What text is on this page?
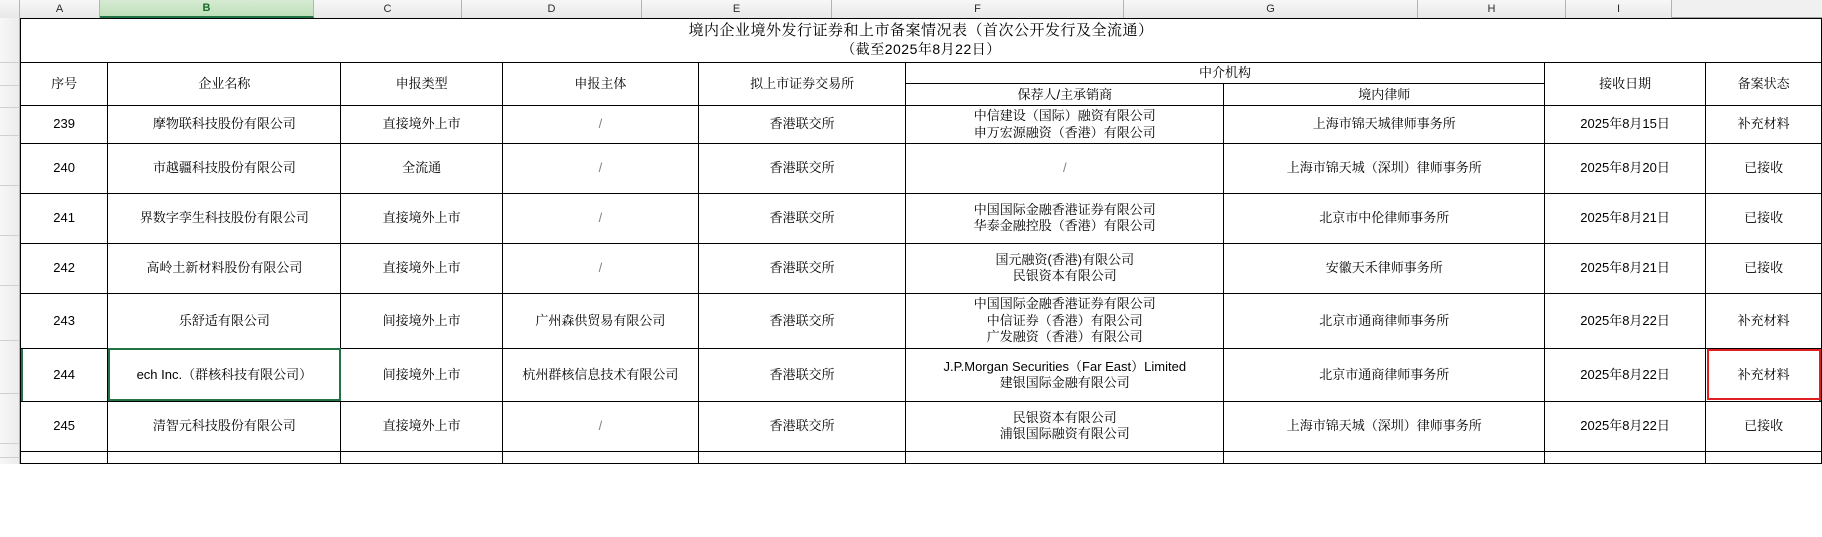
A	B	C	D	E	F	G	H	I
境内企业境外发行证券和上市备案情况表（首次公开发行及全流通）
（截至2025年8月22日）								

序号	企业名称	申报类型	申报主体	拟上市证券交易所	中介机构		接收日期	备案状态
					保荐人/主承销商	境内律师		
239	摩物联科技股份有限公司	直接境外上市	/	香港联交所	中信建设（国际）融资有限公司
申万宏源融资（香港）有限公司	上海市锦天城律师事务所	2025年8月15日	补充材料
240	市越疆科技股份有限公司	全流通	/	香港联交所	/	上海市锦天城（深圳）律师事务所	2025年8月20日	已接收
241	界数字孪生科技股份有限公司	直接境外上市	/	香港联交所	中国国际金融香港证券有限公司
华泰金融控股（香港）有限公司	北京市中伦律师事务所	2025年8月21日	已接收
242	高岭土新材料股份有限公司	直接境外上市	/	香港联交所	国元融资(香港)有限公司
民银资本有限公司	安徽天禾律师事务所	2025年8月21日	已接收
243	乐舒适有限公司	间接境外上市	广州森供贸易有限公司	香港联交所	中国国际金融香港证券有限公司
中信证券（香港）有限公司
广发融资（香港）有限公司	北京市通商律师事务所	2025年8月22日	补充材料
244	ech Inc.（群核科技有限公司）	间接境外上市	杭州群核信息技术有限公司	香港联交所	J.P.Morgan Securities（Far East）Limited
建银国际金融有限公司	北京市通商律师事务所	2025年8月22日	补充材料
245	清智元科技股份有限公司	直接境外上市	/	香港联交所	民银资本有限公司
浦银国际融资有限公司	上海市锦天城（深圳）律师事务所	2025年8月22日	已接收
